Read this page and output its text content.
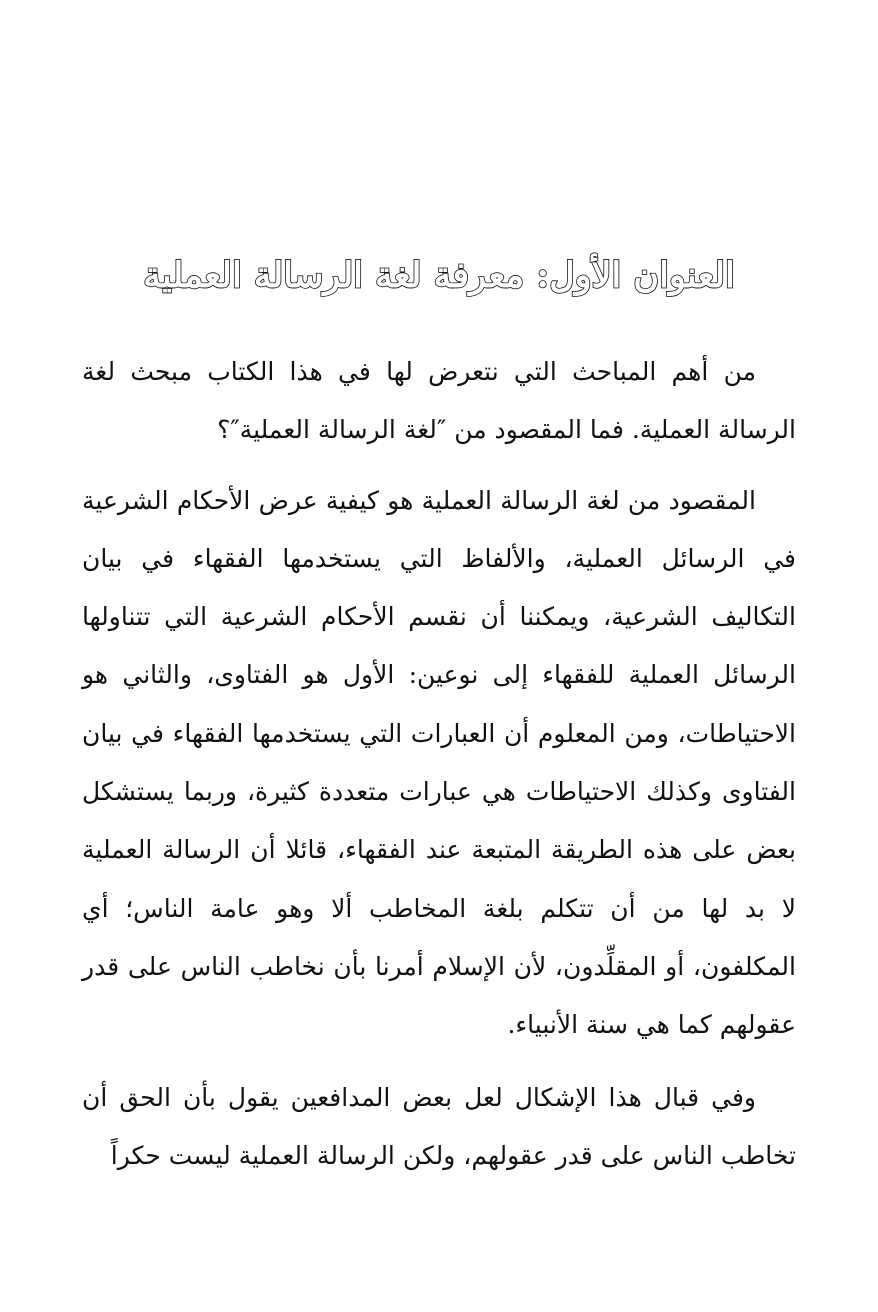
العنوان الأول: معرفة لغة الرسالة العملية

من أهم المباحث التي نتعرض لها في هذا الكتاب مبحث لغة الرسالة العملية. فما المقصود من ″لغة الرسالة العملية″؟

المقصود من لغة الرسالة العملية هو كيفية عرض الأحكام الشرعية في الرسائل العملية، والألفاظ التي يستخدمها الفقهاء في بيان التكاليف الشرعية، ويمكننا أن نقسم الأحكام الشرعية التي تتناولها الرسائل العملية للفقهاء إلى نوعين: الأول هو الفتاوى، والثاني هو الاحتياطات، ومن المعلوم أن العبارات التي يستخدمها الفقهاء في بيان الفتاوى وكذلك الاحتياطات هي عبارات متعددة كثيرة، وربما يستشكل بعض على هذه الطريقة المتبعة عند الفقهاء، قائلا أن الرسالة العملية لا بد لها من أن تتكلم بلغة المخاطب ألا وهو عامة الناس؛ أي المكلفون، أو المقلِّدون، لأن الإسلام أمرنا بأن نخاطب الناس على قدر عقولهم كما هي سنة الأنبياء.

وفي قبال هذا الإشكال لعل بعض المدافعين يقول بأن الحق أن تخاطب الناس على قدر عقولهم، ولكن الرسالة العملية ليست حكراً
